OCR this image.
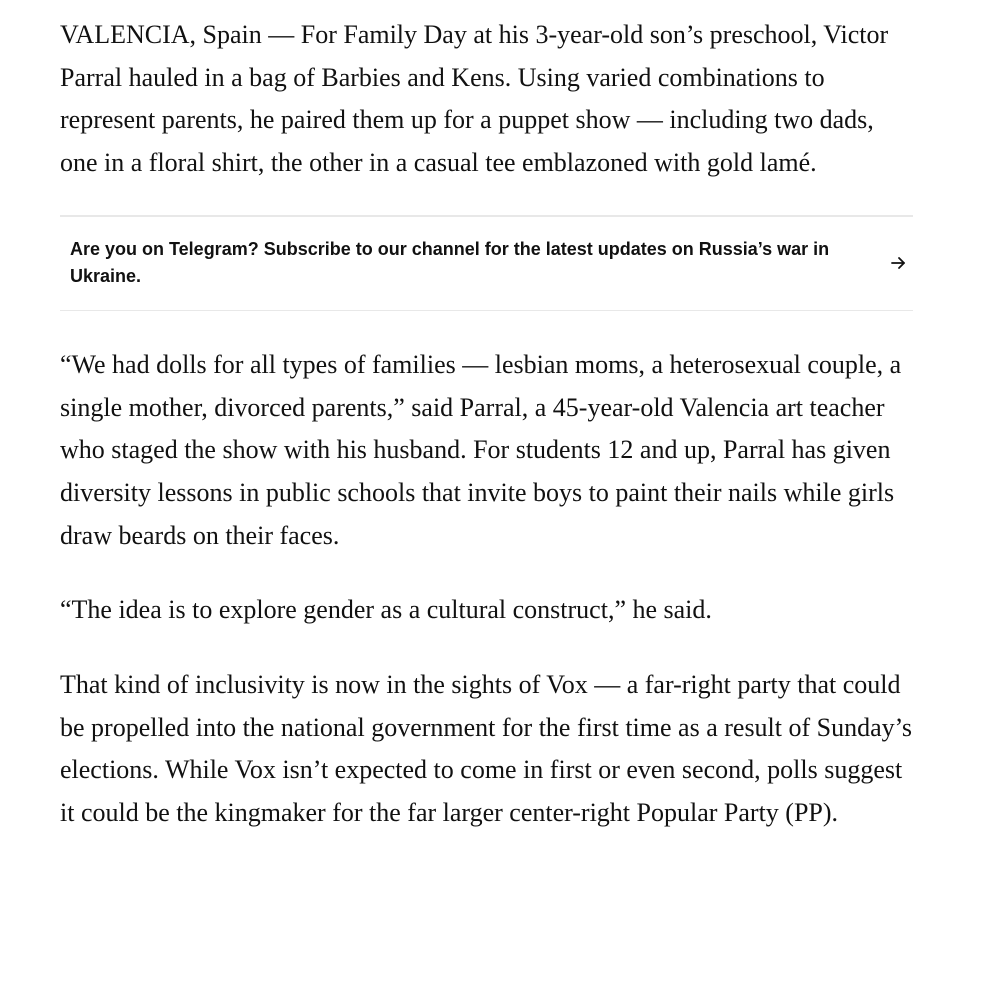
VALENCIA, Spain — For Family Day at his 3-year-old son’s preschool, Victor Parral hauled in a bag of Barbies and Kens. Using varied combinations to represent parents, he paired them up for a puppet show — including two dads, one in a floral shirt, the other in a casual tee emblazoned with gold lamé.

Are you on Telegram? Subscribe to our channel for the latest updates on Russia’s war in Ukraine.

“We had dolls for all types of families — lesbian moms, a heterosexual couple, a single mother, divorced parents,” said Parral, a 45-year-old Valencia art teacher who staged the show with his husband. For students 12 and up, Parral has given diversity lessons in public schools that invite boys to paint their nails while girls draw beards on their faces.

“The idea is to explore gender as a cultural construct,” he said.

That kind of inclusivity is now in the sights of Vox — a far-right party that could be propelled into the national government for the first time as a result of Sunday’s elections. While Vox isn’t expected to come in first or even second, polls suggest it could be the kingmaker for the far larger center-right Popular Party (PP).
